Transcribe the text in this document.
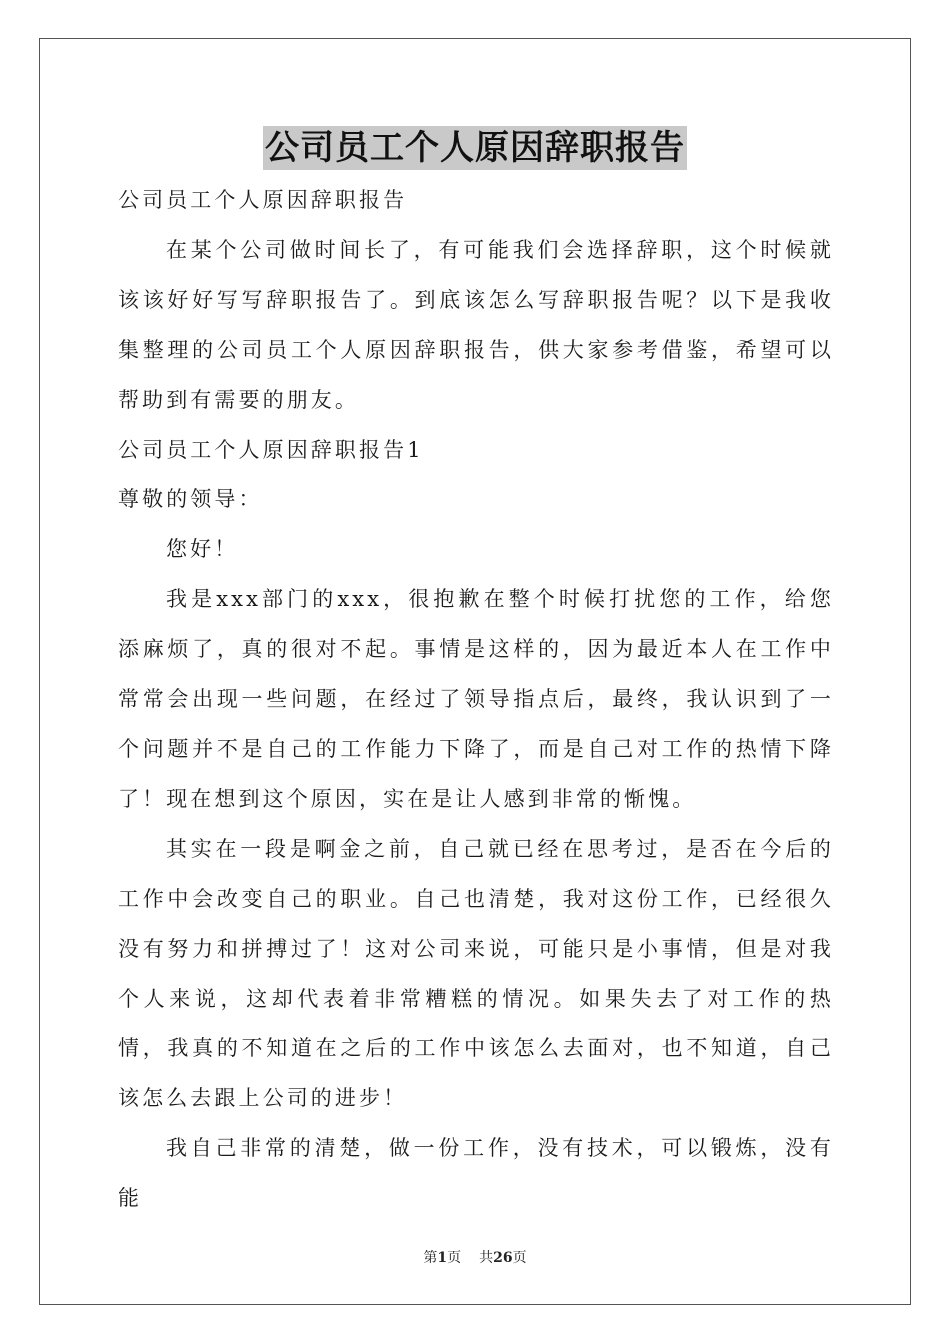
公司员工个人原因辞职报告

公司员工个人原因辞职报告

在某个公司做时间长了，有可能我们会选择辞职，这个时候就该该好好写写辞职报告了。到底该怎么写辞职报告呢？以下是我收集整理的公司员工个人原因辞职报告，供大家参考借鉴，希望可以帮助到有需要的朋友。

公司员工个人原因辞职报告1

尊敬的领导：

您好！

我是xxx部门的xxx，很抱歉在整个时候打扰您的工作，给您添麻烦了，真的很对不起。事情是这样的，因为最近本人在工作中常常会出现一些问题，在经过了领导指点后，最终，我认识到了一个问题并不是自己的工作能力下降了，而是自己对工作的热情下降了！现在想到这个原因，实在是让人感到非常的惭愧。

其实在一段是啊金之前，自己就已经在思考过，是否在今后的工作中会改变自己的职业。自己也清楚，我对这份工作，已经很久没有努力和拼搏过了！这对公司来说，可能只是小事情，但是对我个人来说，这却代表着非常糟糕的情况。如果失去了对工作的热情，我真的不知道在之后的工作中该怎么去面对，也不知道，自己该怎么去跟上公司的进步！

我自己非常的清楚，做一份工作，没有技术，可以锻炼，没有能

第1页 共26页
